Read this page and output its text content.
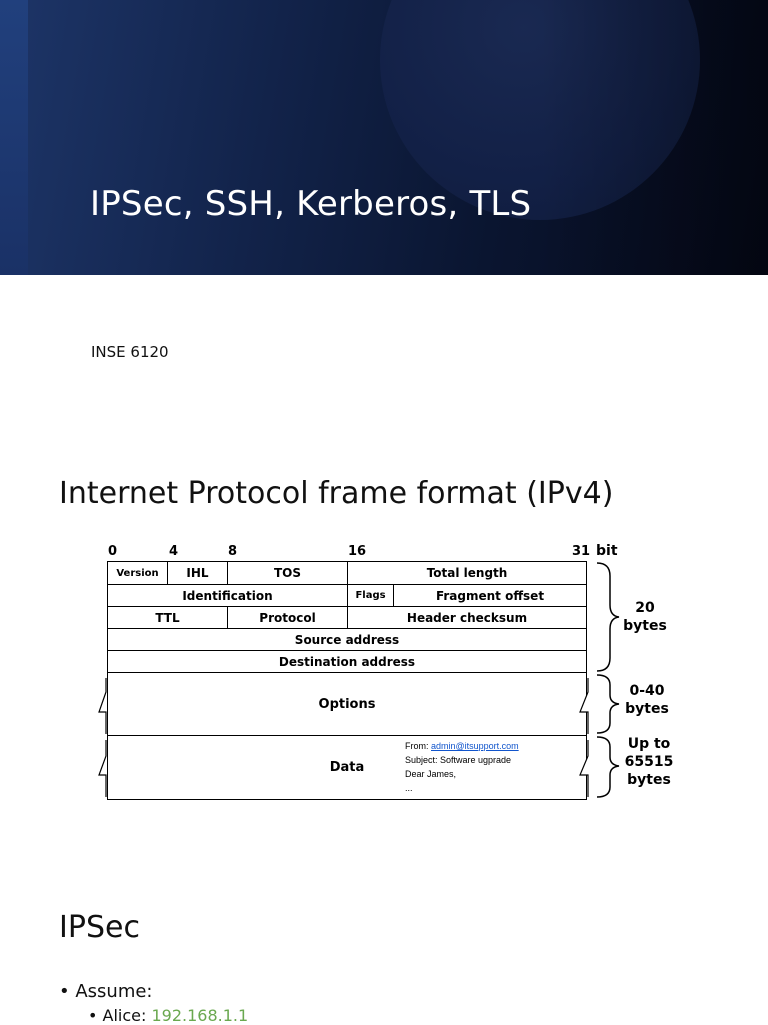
IPSec, SSH, Kerberos, TLS
INSE 6120
Internet Protocol frame format (IPv4)
0	4	8	16	31 bit
Version	IHL	TOS	Total length
Identification	Flags	Fragment offset
TTL	Protocol	Header checksum
Source address
Destination address
Options
Data
20
bytes
0-40
bytes
Up to
65515
bytes
From: admin@itsupport.com
Subject: Software ugprade
Dear James,
...
IPSec
• Assume:
• Alice: 192.168.1.1
